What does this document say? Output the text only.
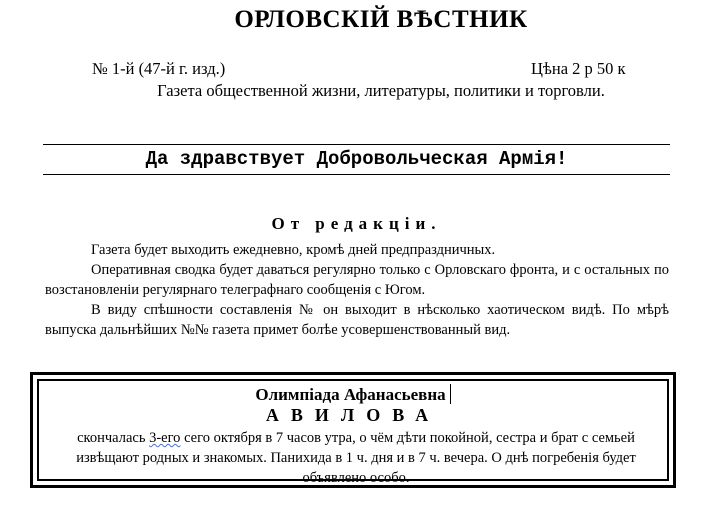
ОРЛОВСКІЙ ВѢСТНИК
№ 1-й (47-й г. изд.)	Цѣна 2 р 50 к
Газета общественной жизни, литературы, политики и торговли.
Да здравствует Добровольческая Армія!
От редакціи.

Газета будет выходить ежедневно, кромѣ дней предпраздничных.

Оперативная сводка будет даваться регулярно только с Орловскаго фронта, и с остальных по возстановленіи регулярнаго телеграфнаго сообщенія с Югом.

В виду спѣшности составленія № он выходит в нѣсколько хаотическом видѣ. По мѣрѣ выпуска дальнѣйших №№ газета примет болѣе усовершенствованный вид.

Олимпіада Афанасьевна
АВИЛОВА
скончалась 3-его сего октября в 7 часов утра, о чём дѣти покойной, сестра и брат с семьей извѣщают родных и знакомых. Панихида в 1 ч. дня и в 7 ч. вечера. О днѣ погребенія будет объявлено особо.
